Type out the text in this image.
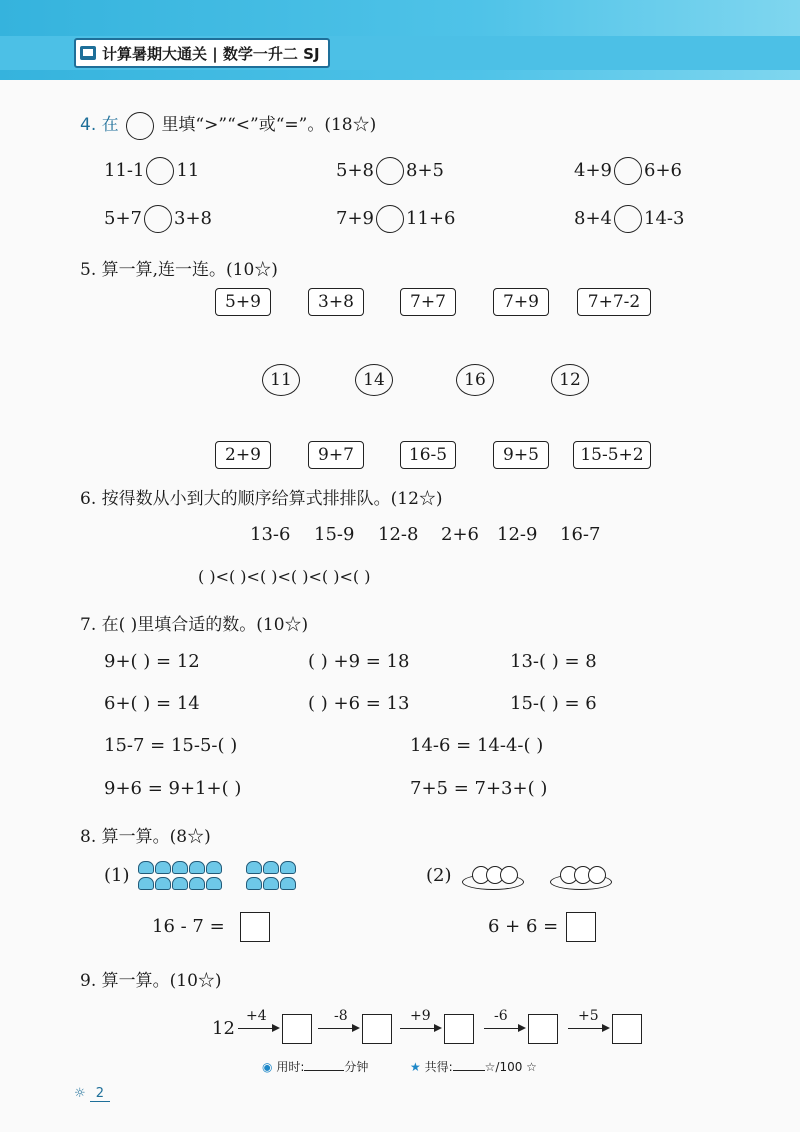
计算暑期大通关 | 数学一升二 SJ
4. 在	里填“>”“<”或“=”。(18☆)
11-1 11	5+8 8+5	4+9 6+6
5+7 3+8	7+9 11+6	8+4 14-3
5. 算一算,连一连。(10☆)
5+9	3+8	7+7	7+9	7+7-2
11	14	16	12
2+9	9+7	16-5	9+5	15-5+2
6. 按得数从小到大的顺序给算式排排队。(12☆)
13-6 15-9 12-8 2+6 12-9 16-7
( )<( )<( )<( )<( )<( )
7. 在( )里填合适的数。(10☆)
9+( ) = 12	( ) +9 = 18	13-( ) = 8
6+( ) = 14	( ) +6 = 13	15-( ) = 6
15-7 = 15-5-( )	14-6 = 14-4-( )
9+6 = 9+1+( )	7+5 = 7+3+( )
8. 算一算。(8☆)
(1)	(2)
16 - 7 =	6 + 6 =
9. 算一算。(10☆)
12
+4	-8	+9	-6	+5
◉ 用时:	分钟	★ 共得:	☆/100 ☆
☼ 2
